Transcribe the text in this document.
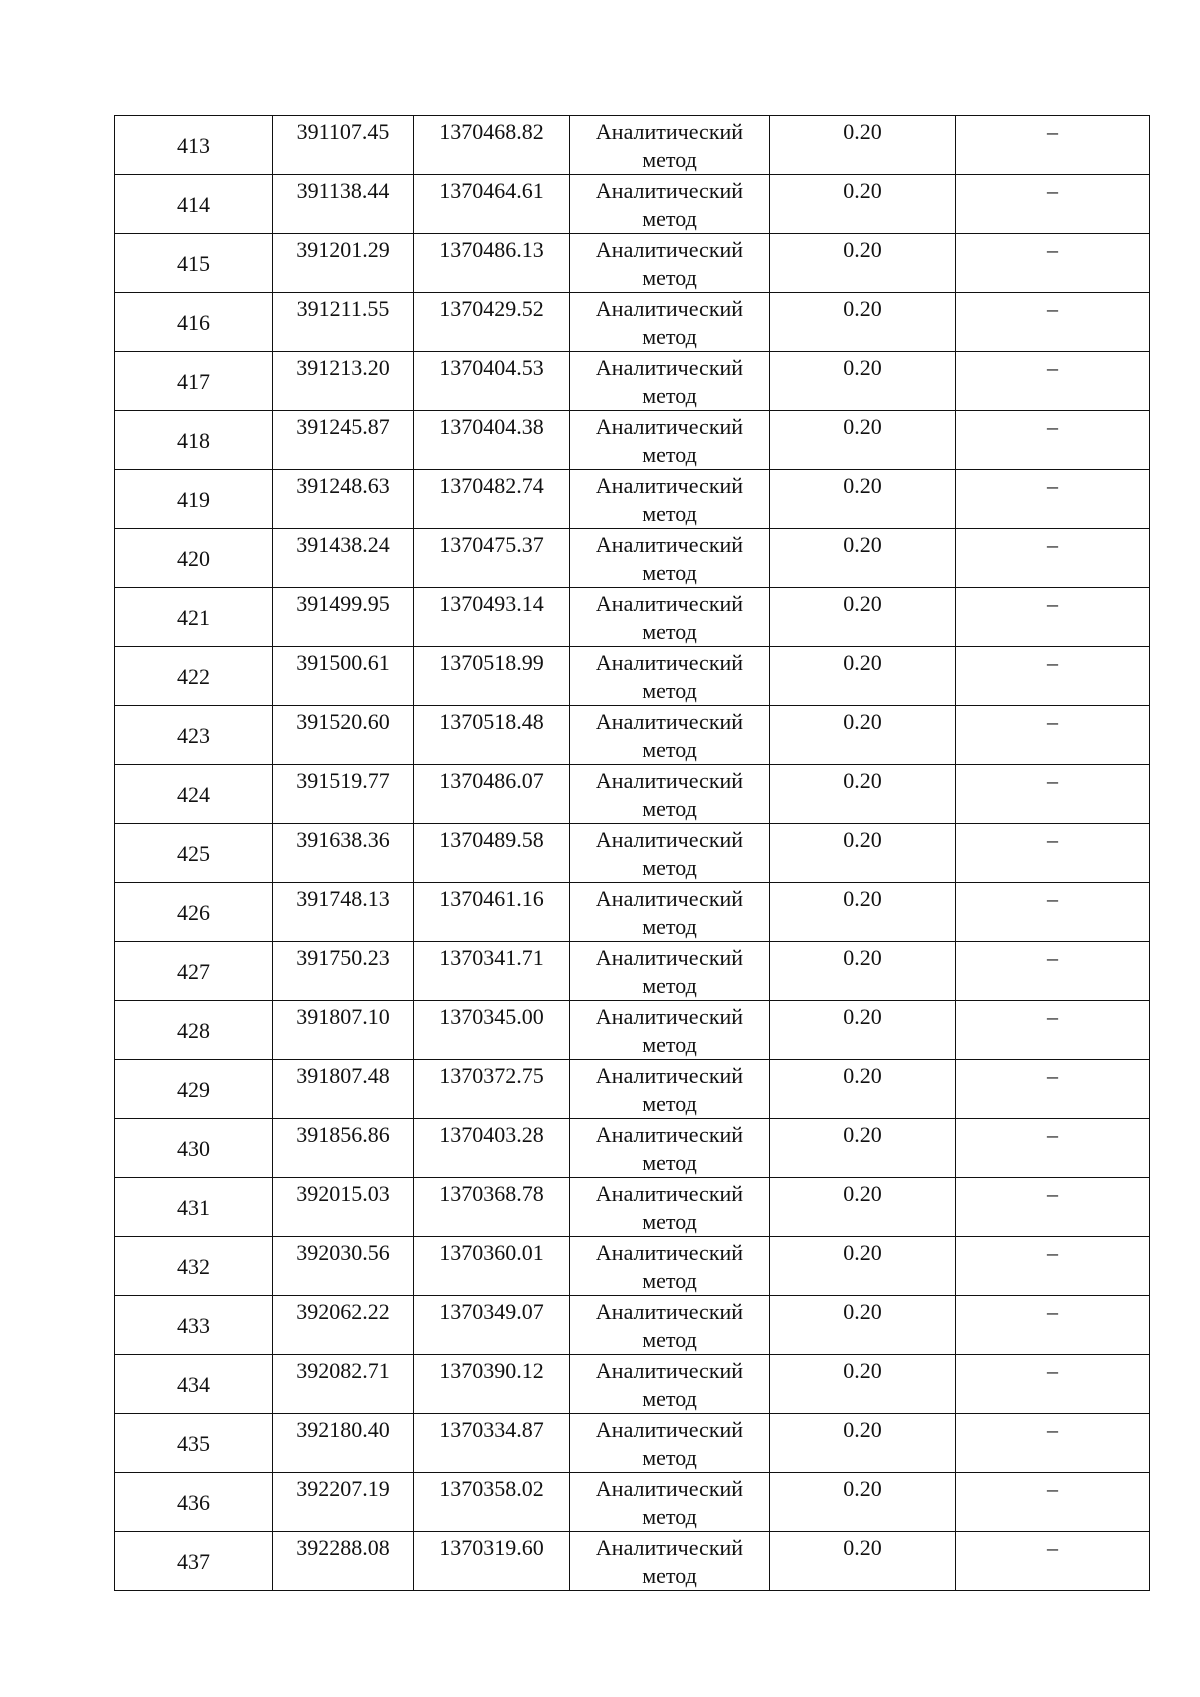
413	391107.45	1370468.82	Аналитический метод	0.20	–
414	391138.44	1370464.61	Аналитический метод	0.20	–
415	391201.29	1370486.13	Аналитический метод	0.20	–
416	391211.55	1370429.52	Аналитический метод	0.20	–
417	391213.20	1370404.53	Аналитический метод	0.20	–
418	391245.87	1370404.38	Аналитический метод	0.20	–
419	391248.63	1370482.74	Аналитический метод	0.20	–
420	391438.24	1370475.37	Аналитический метод	0.20	–
421	391499.95	1370493.14	Аналитический метод	0.20	–
422	391500.61	1370518.99	Аналитический метод	0.20	–
423	391520.60	1370518.48	Аналитический метод	0.20	–
424	391519.77	1370486.07	Аналитический метод	0.20	–
425	391638.36	1370489.58	Аналитический метод	0.20	–
426	391748.13	1370461.16	Аналитический метод	0.20	–
427	391750.23	1370341.71	Аналитический метод	0.20	–
428	391807.10	1370345.00	Аналитический метод	0.20	–
429	391807.48	1370372.75	Аналитический метод	0.20	–
430	391856.86	1370403.28	Аналитический метод	0.20	–
431	392015.03	1370368.78	Аналитический метод	0.20	–
432	392030.56	1370360.01	Аналитический метод	0.20	–
433	392062.22	1370349.07	Аналитический метод	0.20	–
434	392082.71	1370390.12	Аналитический метод	0.20	–
435	392180.40	1370334.87	Аналитический метод	0.20	–
436	392207.19	1370358.02	Аналитический метод	0.20	–
437	392288.08	1370319.60	Аналитический метод	0.20	–
